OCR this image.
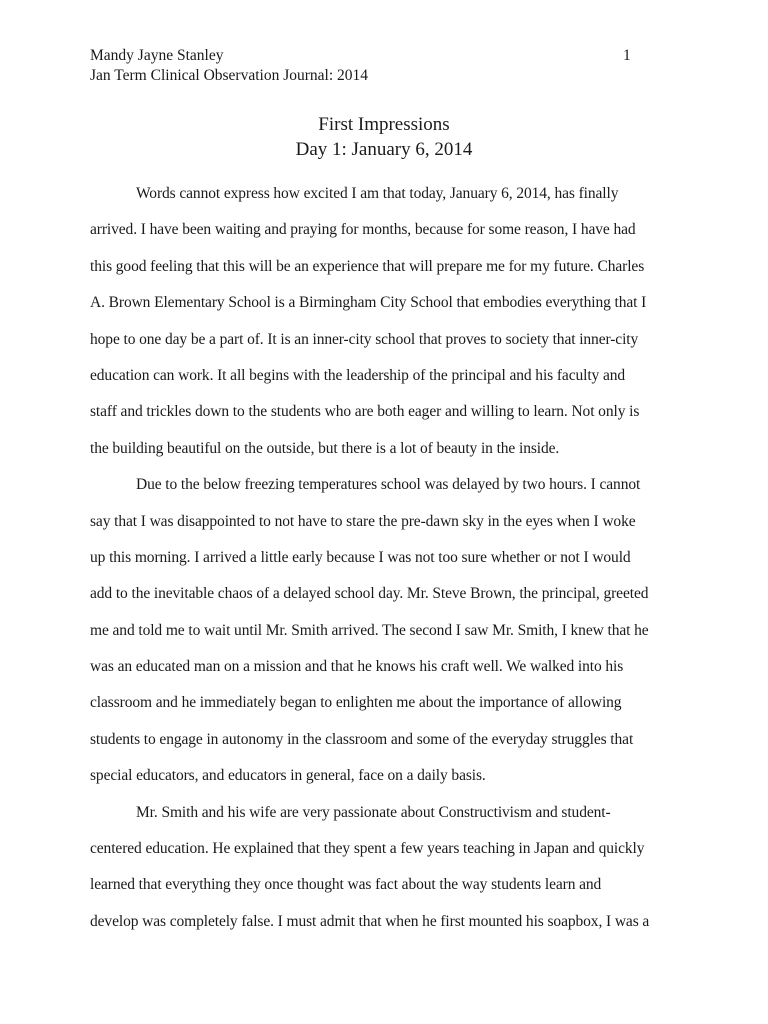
Mandy Jayne Stanley
Jan Term Clinical Observation Journal: 2014
1
First Impressions
Day 1: January 6, 2014
Words cannot express how excited I am that today, January 6, 2014, has finally
arrived. I have been waiting and praying for months, because for some reason, I have had
this good feeling that this will be an experience that will prepare me for my future. Charles
A. Brown Elementary School is a Birmingham City School that embodies everything that I
hope to one day be a part of. It is an inner-city school that proves to society that inner-city
education can work. It all begins with the leadership of the principal and his faculty and
staff and trickles down to the students who are both eager and willing to learn. Not only is
the building beautiful on the outside, but there is a lot of beauty in the inside.
Due to the below freezing temperatures school was delayed by two hours. I cannot
say that I was disappointed to not have to stare the pre-dawn sky in the eyes when I woke
up this morning. I arrived a little early because I was not too sure whether or not I would
add to the inevitable chaos of a delayed school day. Mr. Steve Brown, the principal, greeted
me and told me to wait until Mr. Smith arrived. The second I saw Mr. Smith, I knew that he
was an educated man on a mission and that he knows his craft well. We walked into his
classroom and he immediately began to enlighten me about the importance of allowing
students to engage in autonomy in the classroom and some of the everyday struggles that
special educators, and educators in general, face on a daily basis.
Mr. Smith and his wife are very passionate about Constructivism and student-
centered education. He explained that they spent a few years teaching in Japan and quickly
learned that everything they once thought was fact about the way students learn and
develop was completely false. I must admit that when he first mounted his soapbox, I was a
